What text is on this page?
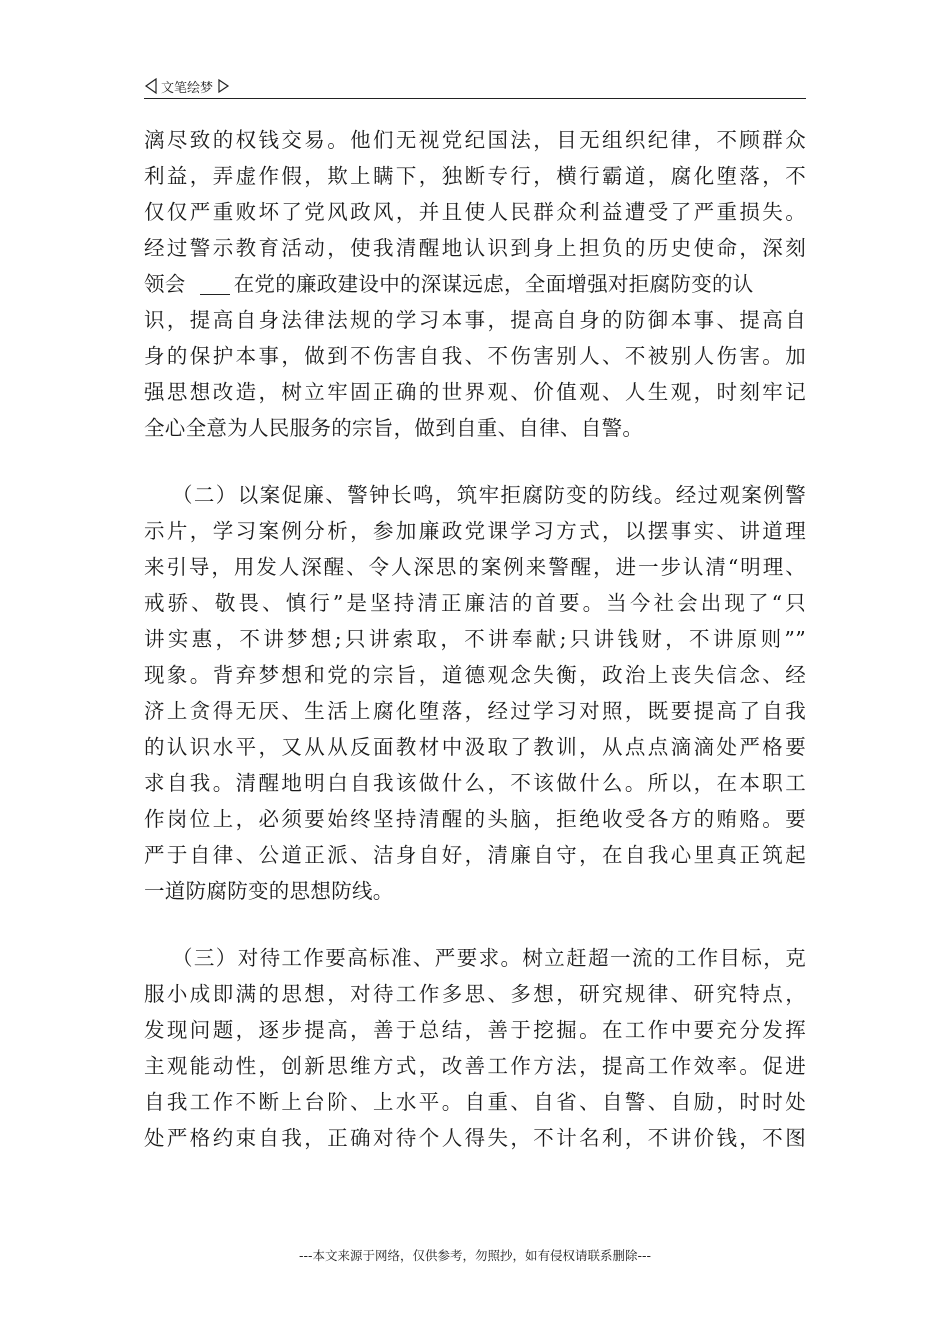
文笔绘梦
漓尽致的权钱交易。他们无视党纪国法，目无组织纪律，不顾群众
利益，弄虚作假，欺上瞒下，独断专行，横行霸道，腐化堕落，不
仅仅严重败坏了党风政风，并且使人民群众利益遭受了严重损失。
经过警示教育活动，使我清醒地认识到身上担负的历史使命，深刻
领会 在党的廉政建设中的深谋远虑，全面增强对拒腐防变的认
识，提高自身法律法规的学习本事，提高自身的防御本事、提高自
身的保护本事，做到不伤害自我、不伤害别人、不被别人伤害。加
强思想改造，树立牢固正确的世界观、价值观、人生观，时刻牢记
全心全意为人民服务的宗旨，做到自重、自律、自警。
（二）以案促廉、警钟长鸣，筑牢拒腐防变的防线。经过观案例警
示片，学习案例分析，参加廉政党课学习方式，以摆事实、讲道理
来引导，用发人深醒、令人深思的案例来警醒，进一步认清“明理、
戒骄、敬畏、慎行”是坚持清正廉洁的首要。当今社会出现了“只
讲实惠，不讲梦想;只讲索取，不讲奉献;只讲钱财，不讲原则””
现象。背弃梦想和党的宗旨，道德观念失衡，政治上丧失信念、经
济上贪得无厌、生活上腐化堕落，经过学习对照，既要提高了自我
的认识水平，又从从反面教材中汲取了教训，从点点滴滴处严格要
求自我。清醒地明白自我该做什么，不该做什么。所以，在本职工
作岗位上，必须要始终坚持清醒的头脑，拒绝收受各方的贿赂。要
严于自律、公道正派、洁身自好，清廉自守，在自我心里真正筑起
一道防腐防变的思想防线。
（三）对待工作要高标准、严要求。树立赶超一流的工作目标，克
服小成即满的思想，对待工作多思、多想，研究规律、研究特点，
发现问题，逐步提高，善于总结，善于挖掘。在工作中要充分发挥
主观能动性，创新思维方式，改善工作方法，提高工作效率。促进
自我工作不断上台阶、上水平。自重、自省、自警、自励，时时处
处严格约束自我，正确对待个人得失，不计名利，不讲价钱，不图
---本文来源于网络，仅供参考，勿照抄，如有侵权请联系删除---
